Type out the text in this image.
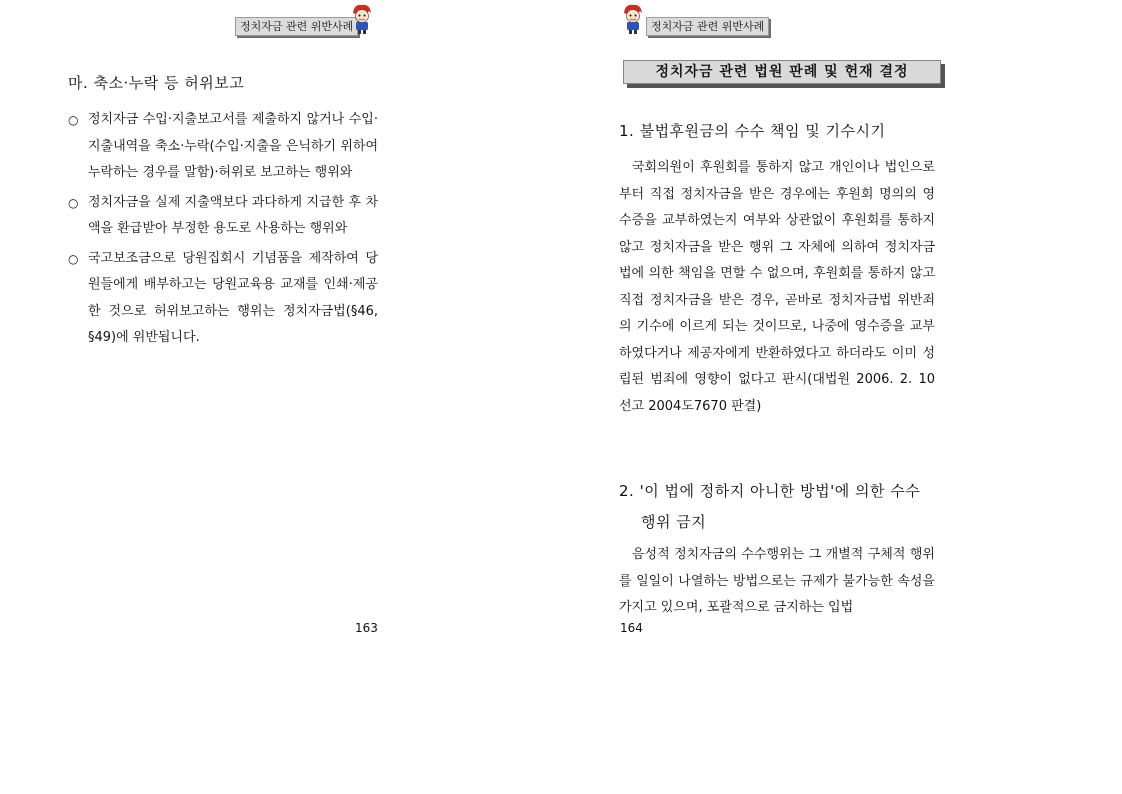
정치자금 관련 위반사례
마. 축소·누락 등 허위보고
○ 정치자금 수입·지출보고서를 제출하지 않거나 수입·지출내역을 축소·누락(수입·지출을 은닉하기 위하여 누락하는 경우를 말함)·허위로 보고하는 행위와
○ 정치자금을 실제 지출액보다 과다하게 지급한 후 차액을 환급받아 부정한 용도로 사용하는 행위와
○ 국고보조금으로 당원집회시 기념품을 제작하여 당원들에게 배부하고는 당원교육용 교재를 인쇄·제공한 것으로 허위보고하는 행위는 정치자금법(§46, §49)에 위반됩니다.
163
정치자금 관련 위반사례
정치자금 관련 법원 판례 및 헌재 결정
1. 불법후원금의 수수 책임 및 기수시기

국회의원이 후원회를 통하지 않고 개인이나 법인으로부터 직접 정치자금을 받은 경우에는 후원회 명의의 영수증을 교부하였는지 여부와 상관없이 후원회를 통하지 않고 정치자금을 받은 행위 그 자체에 의하여 정치자금법에 의한 책임을 면할 수 없으며, 후원회를 통하지 않고 직접 정치자금을 받은 경우, 곧바로 정치자금법 위반죄의 기수에 이르게 되는 것이므로, 나중에 영수증을 교부하였다거나 제공자에게 반환하였다고 하더라도 이미 성립된 범죄에 영향이 없다고 판시(대법원 2006. 2. 10 선고 2004도7670 판결)

2. '이 법에 정하지 아니한 방법'에 의한 수수
행위 금지

음성적 정치자금의 수수행위는 그 개별적 구체적 행위를 일일이 나열하는 방법으로는 규제가 불가능한 속성을 가지고 있으며, 포괄적으로 금지하는 입법

164
